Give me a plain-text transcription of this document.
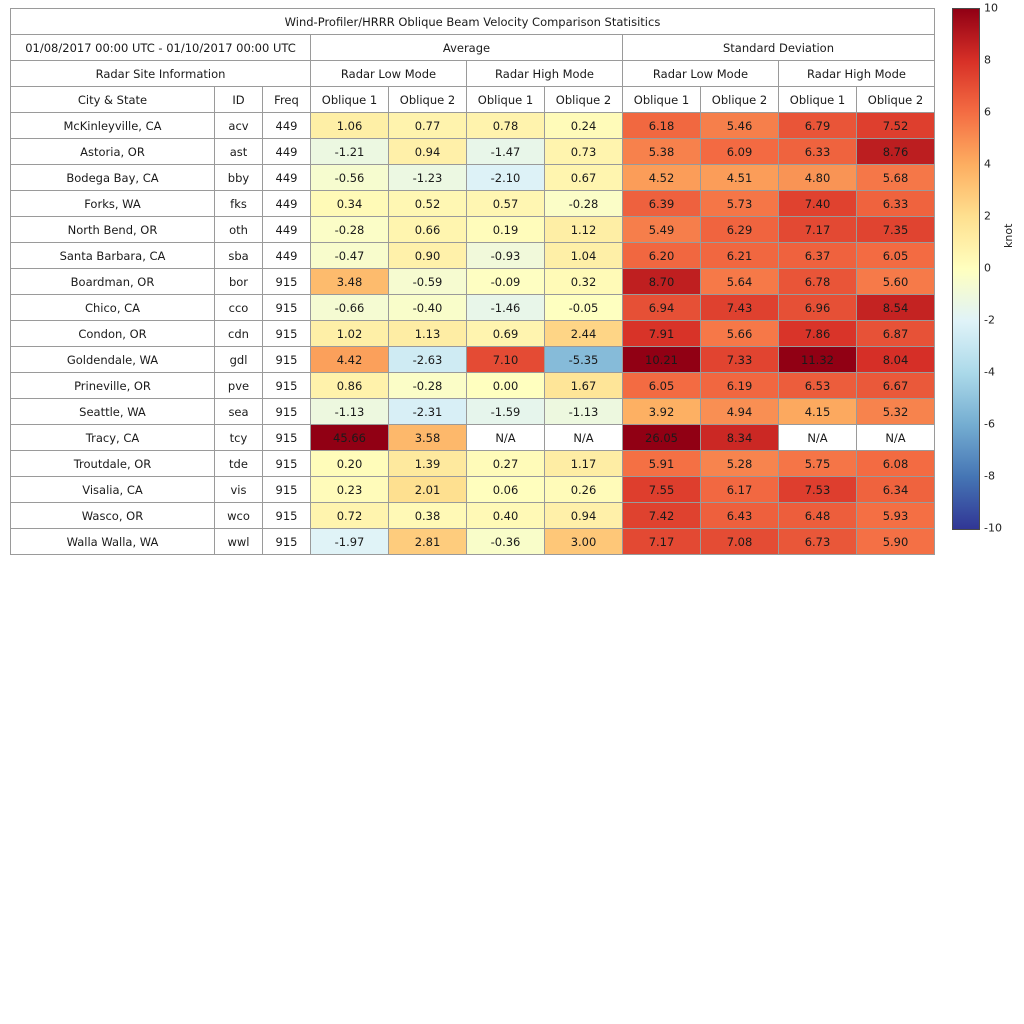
Wind-Profiler/HRRR Oblique Beam Velocity Comparison Statisitics										
01/08/2017 00:00 UTC - 01/10/2017 00:00 UTC			Average				Standard Deviation			
Radar Site Information			Radar Low Mode		Radar High Mode		Radar Low Mode		Radar High Mode	
City & State	ID	Freq	Oblique 1	Oblique 2	Oblique 1	Oblique 2	Oblique 1	Oblique 2	Oblique 1	Oblique 2
McKinleyville, CA	acv	449	1.06	0.77	0.78	0.24	6.18	5.46	6.79	7.52
Astoria, OR	ast	449	-1.21	0.94	-1.47	0.73	5.38	6.09	6.33	8.76
Bodega Bay, CA	bby	449	-0.56	-1.23	-2.10	0.67	4.52	4.51	4.80	5.68
Forks, WA	fks	449	0.34	0.52	0.57	-0.28	6.39	5.73	7.40	6.33
North Bend, OR	oth	449	-0.28	0.66	0.19	1.12	5.49	6.29	7.17	7.35
Santa Barbara, CA	sba	449	-0.47	0.90	-0.93	1.04	6.20	6.21	6.37	6.05
Boardman, OR	bor	915	3.48	-0.59	-0.09	0.32	8.70	5.64	6.78	5.60
Chico, CA	cco	915	-0.66	-0.40	-1.46	-0.05	6.94	7.43	6.96	8.54
Condon, OR	cdn	915	1.02	1.13	0.69	2.44	7.91	5.66	7.86	6.87
Goldendale, WA	gdl	915	4.42	-2.63	7.10	-5.35	10.21	7.33	11.32	8.04
Prineville, OR	pve	915	0.86	-0.28	0.00	1.67	6.05	6.19	6.53	6.67
Seattle, WA	sea	915	-1.13	-2.31	-1.59	-1.13	3.92	4.94	4.15	5.32
Tracy, CA	tcy	915	45.66	3.58	N/A	N/A	26.05	8.34	N/A	N/A
Troutdale, OR	tde	915	0.20	1.39	0.27	1.17	5.91	5.28	5.75	6.08
Visalia, CA	vis	915	0.23	2.01	0.06	0.26	7.55	6.17	7.53	6.34
Wasco, OR	wco	915	0.72	0.38	0.40	0.94	7.42	6.43	6.48	5.93
Walla Walla, WA	wwl	915	-1.97	2.81	-0.36	3.00	7.17	7.08	6.73	5.90
10
8
6
4
2
0
-2
-4
-6
-8
-10
knot
